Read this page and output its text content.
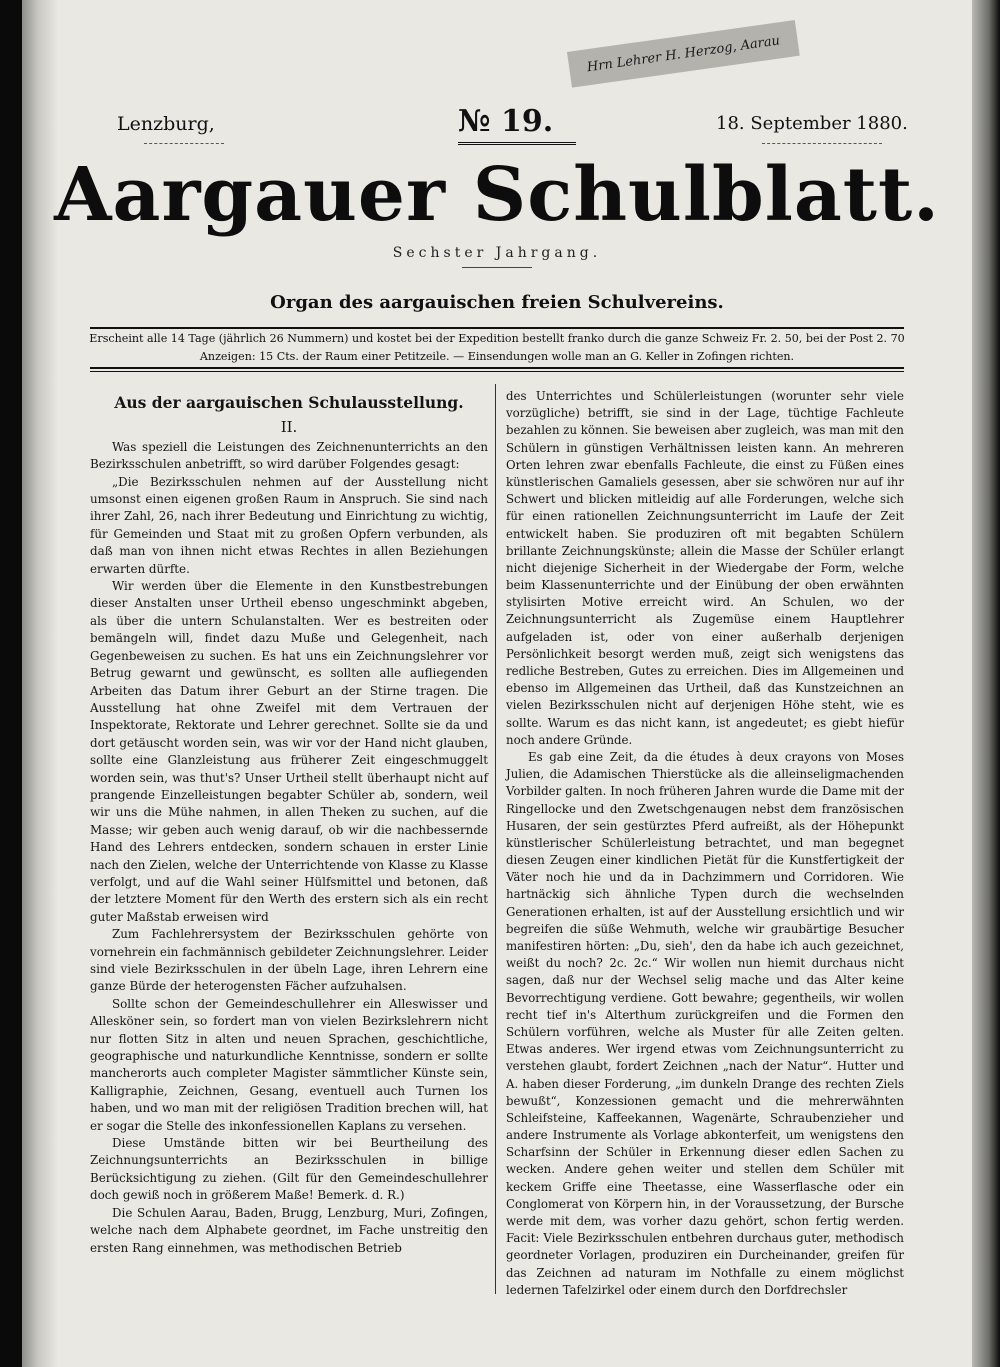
Hrn Lehrer H. Herzog, Aarau
Lenzburg,	№ 19.	18. September 1880.
Aargauer Schulblatt.
Sechster Jahrgang.
Organ des aargauischen freien Schulvereins.
Erscheint alle 14 Tage (jährlich 26 Nummern) und kostet bei der Expedition bestellt franko durch die ganze Schweiz Fr. 2. 50, bei der Post 2. 70
Anzeigen: 15 Cts. der Raum einer Petitzeile. — Einsendungen wolle man an G. Keller in Zofingen richten.

Aus der aargauischen Schulausstellung.

II.

Was speziell die Leistungen des Zeichnenunterrichts an den Bezirksschulen anbetrifft, so wird darüber Folgendes gesagt:

„Die Bezirksschulen nehmen auf der Ausstellung nicht umsonst einen eigenen großen Raum in Anspruch. Sie sind nach ihrer Zahl, 26, nach ihrer Bedeutung und Einrichtung zu wichtig, für Gemeinden und Staat mit zu großen Opfern verbunden, als daß man von ihnen nicht etwas Rechtes in allen Beziehungen erwarten dürfte.

Wir werden über die Elemente in den Kunstbestrebungen dieser Anstalten unser Urtheil ebenso ungeschminkt abgeben, als über die untern Schulanstalten. Wer es bestreiten oder bemängeln will, findet dazu Muße und Gelegenheit, nach Gegenbeweisen zu suchen. Es hat uns ein Zeichnungslehrer vor Betrug gewarnt und gewünscht, es sollten alle aufliegenden Arbeiten das Datum ihrer Geburt an der Stirne tragen. Die Ausstellung hat ohne Zweifel mit dem Vertrauen der Inspektorate, Rektorate und Lehrer gerechnet. Sollte sie da und dort getäuscht worden sein, was wir vor der Hand nicht glauben, sollte eine Glanzleistung aus früherer Zeit eingeschmuggelt worden sein, was thut's? Unser Urtheil stellt überhaupt nicht auf prangende Einzelleistungen begabter Schüler ab, sondern, weil wir uns die Mühe nahmen, in allen Theken zu suchen, auf die Masse; wir geben auch wenig darauf, ob wir die nachbessernde Hand des Lehrers entdecken, sondern schauen in erster Linie nach den Zielen, welche der Unterrichtende von Klasse zu Klasse verfolgt, und auf die Wahl seiner Hülfsmittel und betonen, daß der letztere Moment für den Werth des erstern sich als ein recht guter Maßstab erweisen wird

Zum Fachlehrersystem der Bezirksschulen gehörte von vornehrein ein fachmännisch gebildeter Zeichnungslehrer. Leider sind viele Bezirksschulen in der übeln Lage, ihren Lehrern eine ganze Bürde der heterogensten Fächer aufzuhalsen.

Sollte schon der Gemeindeschullehrer ein Alleswisser und Allesköner sein, so fordert man von vielen Bezirkslehrern nicht nur flotten Sitz in alten und neuen Sprachen, geschichtliche, geographische und naturkundliche Kenntnisse, sondern er sollte mancherorts auch completer Magister sämmtlicher Künste sein, Kalligraphie, Zeichnen, Gesang, eventuell auch Turnen los haben, und wo man mit der religiösen Tradition brechen will, hat er sogar die Stelle des inkonfessionellen Kaplans zu versehen.

Diese Umstände bitten wir bei Beurtheilung des Zeichnungsunterrichts an Bezirksschulen in billige Berücksichtigung zu ziehen. (Gilt für den Gemeindeschullehrer doch gewiß noch in größerem Maße! Bemerk. d. R.)

Die Schulen Aarau, Baden, Brugg, Lenzburg, Muri, Zofingen, welche nach dem Alphabete geordnet, im Fache unstreitig den ersten Rang einnehmen, was methodischen Betrieb

des Unterrichtes und Schülerleistungen (worunter sehr viele vorzügliche) betrifft, sie sind in der Lage, tüchtige Fachleute bezahlen zu können. Sie beweisen aber zugleich, was man mit den Schülern in günstigen Verhältnissen leisten kann. An mehreren Orten lehren zwar ebenfalls Fachleute, die einst zu Füßen eines künstlerischen Gamaliels gesessen, aber sie schwören nur auf ihr Schwert und blicken mitleidig auf alle Forderungen, welche sich für einen rationellen Zeichnungsunterricht im Laufe der Zeit entwickelt haben. Sie produziren oft mit begabten Schülern brillante Zeichnungskünste; allein die Masse der Schüler erlangt nicht diejenige Sicherheit in der Wiedergabe der Form, welche beim Klassenunterrichte und der Einübung der oben erwähnten stylisirten Motive erreicht wird. An Schulen, wo der Zeichnungsunterricht als Zugemüse einem Hauptlehrer aufgeladen ist, oder von einer außerhalb derjenigen Persönlichkeit besorgt werden muß, zeigt sich wenigstens das redliche Bestreben, Gutes zu erreichen. Dies im Allgemeinen und ebenso im Allgemeinen das Urtheil, daß das Kunstzeichnen an vielen Bezirksschulen nicht auf derjenigen Höhe steht, wie es sollte. Warum es das nicht kann, ist angedeutet; es giebt hiefür noch andere Gründe.

Es gab eine Zeit, da die études à deux crayons von Moses Julien, die Adamischen Thierstücke als die alleinseligmachenden Vorbilder galten. In noch früheren Jahren wurde die Dame mit der Ringellocke und den Zwetschgenaugen nebst dem französischen Husaren, der sein gestürztes Pferd aufreißt, als der Höhepunkt künstlerischer Schülerleistung betrachtet, und man begegnet diesen Zeugen einer kindlichen Pietät für die Kunstfertigkeit der Väter noch hie und da in Dachzimmern und Corridoren. Wie hartnäckig sich ähnliche Typen durch die wechselnden Generationen erhalten, ist auf der Ausstellung ersichtlich und wir begreifen die süße Wehmuth, welche wir graubärtige Besucher manifestiren hörten: „Du, sieh', den da habe ich auch gezeichnet, weißt du noch? 2c. 2c.“ Wir wollen nun hiemit durchaus nicht sagen, daß nur der Wechsel selig mache und das Alter keine Bevorrechtigung verdiene. Gott bewahre; gegentheils, wir wollen recht tief in's Alterthum zurückgreifen und die Formen den Schülern vorführen, welche als Muster für alle Zeiten gelten. Etwas anderes. Wer irgend etwas vom Zeichnungsunterricht zu verstehen glaubt, fordert Zeichnen „nach der Natur“. Hutter und A. haben dieser Forderung, „im dunkeln Drange des rechten Ziels bewußt“, Konzessionen gemacht und die mehrerwähnten Schleifsteine, Kaffeekannen, Wagenärte, Schraubenzieher und andere Instrumente als Vorlage abkonterfeit, um wenigstens den Scharfsinn der Schüler in Erkennung dieser edlen Sachen zu wecken. Andere gehen weiter und stellen dem Schüler mit keckem Griffe eine Theetasse, eine Wasserflasche oder ein Conglomerat von Körpern hin, in der Voraussetzung, der Bursche werde mit dem, was vorher dazu gehört, schon fertig werden. Facit: Viele Bezirksschulen entbehren durchaus guter, methodisch geordneter Vorlagen, produziren ein Durcheinander, greifen für das Zeichnen ad naturam im Nothfalle zu einem möglichst ledernen Tafelzirkel oder einem durch den Dorfdrechsler
